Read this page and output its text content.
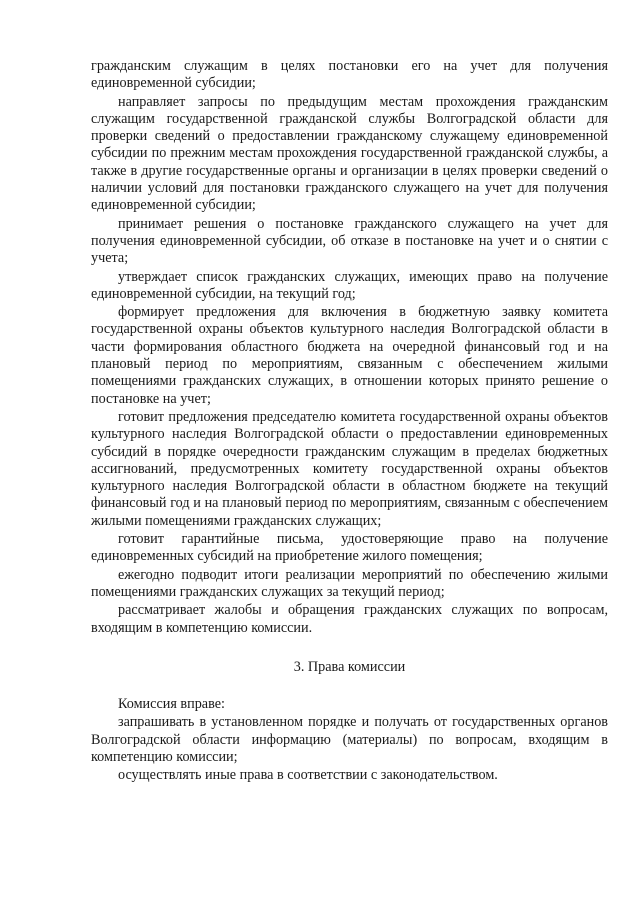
гражданским служащим в целях постановки его на учет для получения единовременной субсидии;

направляет запросы по предыдущим местам прохождения гражданским служащим государственной гражданской службы Волгоградской области для проверки сведений о предоставлении гражданскому служащему единовременной субсидии по прежним местам прохождения государственной гражданской службы, а также в другие государственные органы и организации в целях проверки сведений о наличии условий для постановки гражданского служащего на учет для получения единовременной субсидии;

принимает решения о постановке гражданского служащего на учет для получения единовременной субсидии, об отказе в постановке на учет и о снятии с учета;

утверждает список гражданских служащих, имеющих право на получение единовременной субсидии, на текущий год;

формирует предложения для включения в бюджетную заявку комитета государственной охраны объектов культурного наследия Волгоградской области в части формирования областного бюджета на очередной финансовый год и на плановый период по мероприятиям, связанным с обеспечением жилыми помещениями гражданских служащих, в отношении которых принято решение о постановке на учет;

готовит предложения председателю комитета государственной охраны объектов культурного наследия Волгоградской области о предоставлении единовременных субсидий в порядке очередности гражданским служащим в пределах бюджетных ассигнований, предусмотренных комитету государственной охраны объектов культурного наследия Волгоградской области в областном бюджете на текущий финансовый год и на плановый период по мероприятиям, связанным с обеспечением жилыми помещениями гражданских служащих;

готовит гарантийные письма, удостоверяющие право на получение единовременных субсидий на приобретение жилого помещения;

ежегодно подводит итоги реализации мероприятий по обеспечению жилыми помещениями гражданских служащих за текущий период;

рассматривает жалобы и обращения гражданских служащих по вопросам, входящим в компетенцию комиссии.

3. Права комиссии

Комиссия вправе:

запрашивать в установленном порядке и получать от государственных органов Волгоградской области информацию (материалы) по вопросам, входящим в компетенцию комиссии;

осуществлять иные права в соответствии с законодательством.
